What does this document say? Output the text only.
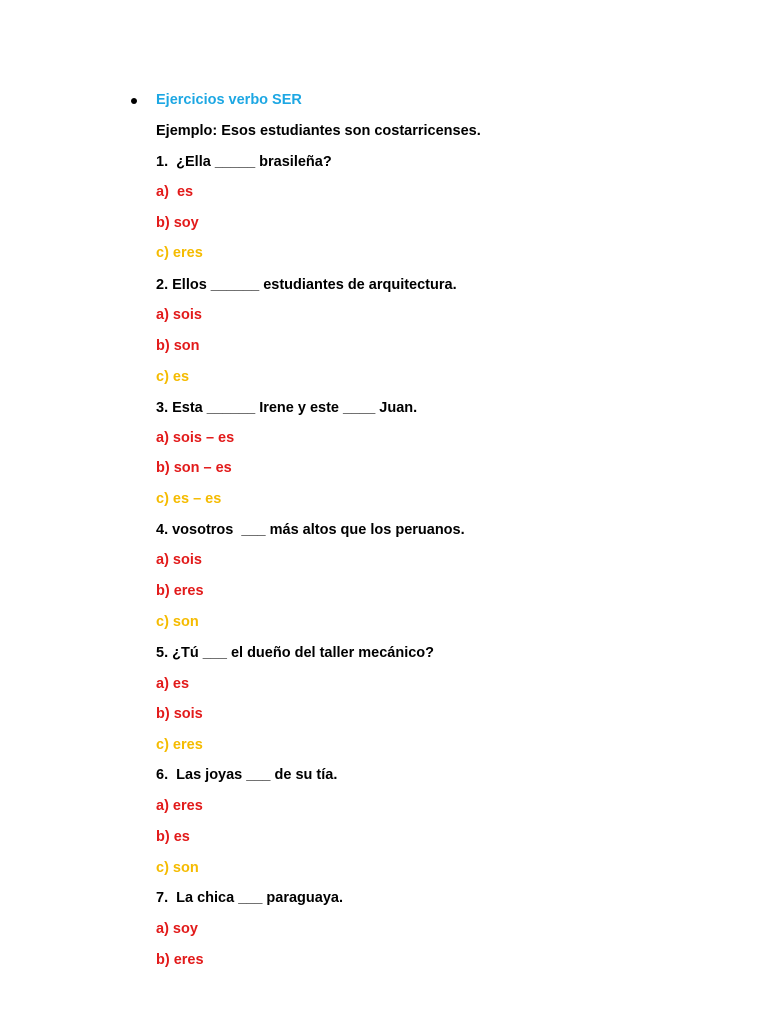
Ejercicios verbo SER
Ejemplo: Esos estudiantes son costarricenses.
1.  ¿Ella _____ brasileña?
a)  es
b) soy
c) eres
2. Ellos ______ estudiantes de arquitectura.
a) sois
b) son
c) es
3. Esta ______ Irene y este ____ Juan.
a) sois – es
b) son – es
c) es – es
4. vosotros  ___ más altos que los peruanos.
a) sois
b) eres
c) son
5. ¿Tú ___ el dueño del taller mecánico?
a) es
b) sois
c) eres
6.  Las joyas ___ de su tía.
a) eres
b) es
c) son
7.  La chica ___ paraguaya.
a) soy
b) eres
